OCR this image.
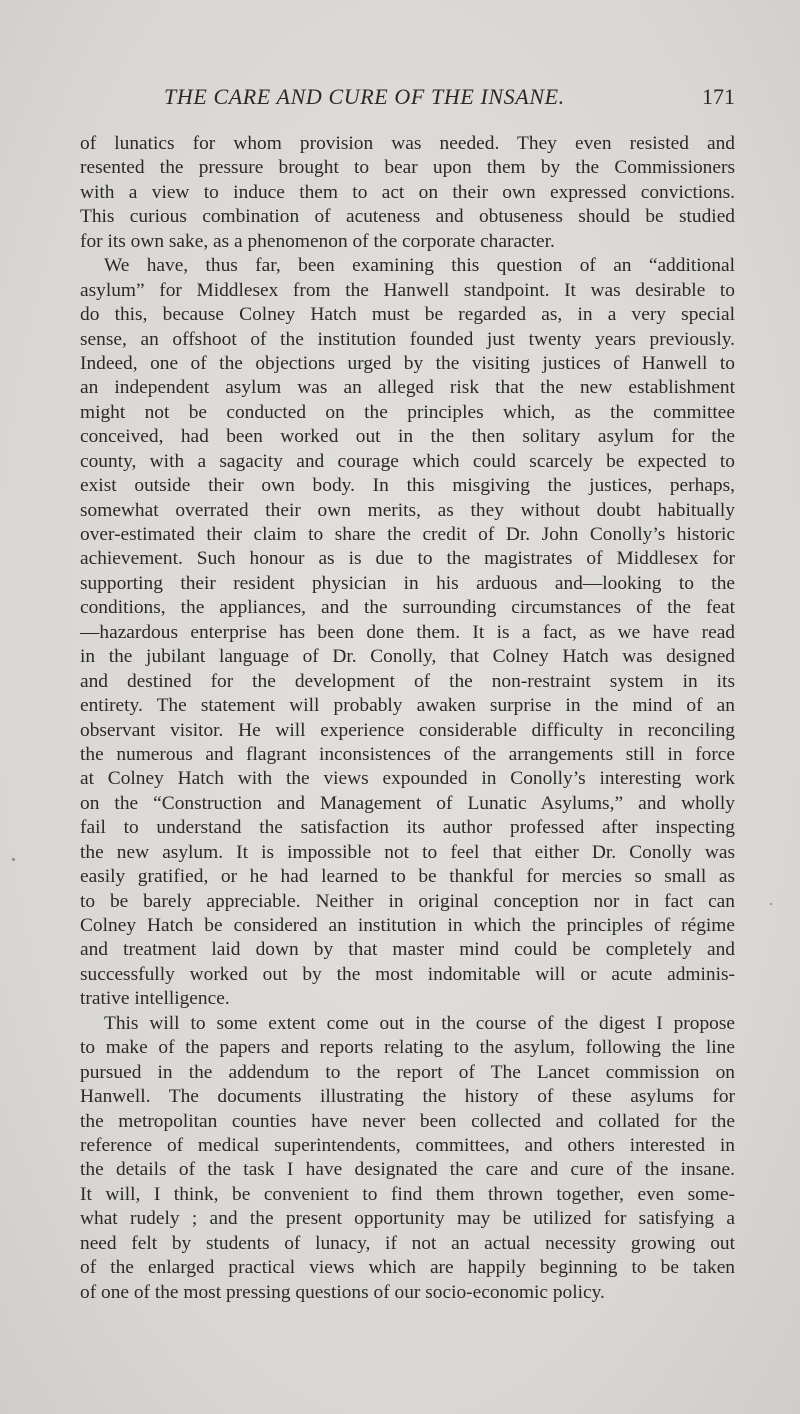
THE CARE AND CURE OF THE INSANE.	171
of lunatics for whom provision was needed. They even resisted and
resented the pressure brought to bear upon them by the Commissioners
with a view to induce them to act on their own expressed convictions.
This curious combination of acuteness and obtuseness should be studied
for its own sake, as a phenomenon of the corporate character.
We have, thus far, been examining this question of an “additional
asylum” for Middlesex from the Hanwell standpoint. It was desirable to
do this, because Colney Hatch must be regarded as, in a very special
sense, an offshoot of the institution founded just twenty years previously.
Indeed, one of the objections urged by the visiting justices of Hanwell to
an independent asylum was an alleged risk that the new establishment
might not be conducted on the principles which, as the committee
conceived, had been worked out in the then solitary asylum for the
county, with a sagacity and courage which could scarcely be expected to
exist outside their own body. In this misgiving the justices, perhaps,
somewhat overrated their own merits, as they without doubt habitually
over-estimated their claim to share the credit of Dr. John Conolly’s historic
achievement. Such honour as is due to the magistrates of Middlesex for
supporting their resident physician in his arduous and—looking to the
conditions, the appliances, and the surrounding circumstances of the feat
—hazardous enterprise has been done them. It is a fact, as we have read
in the jubilant language of Dr. Conolly, that Colney Hatch was designed
and destined for the development of the non-restraint system in its
entirety. The statement will probably awaken surprise in the mind of an
observant visitor. He will experience considerable difficulty in reconciling
the numerous and flagrant inconsistences of the arrangements still in force
at Colney Hatch with the views expounded in Conolly’s interesting work
on the “Construction and Management of Lunatic Asylums,” and wholly
fail to understand the satisfaction its author professed after inspecting
the new asylum. It is impossible not to feel that either Dr. Conolly was
easily gratified, or he had learned to be thankful for mercies so small as
to be barely appreciable. Neither in original conception nor in fact can
Colney Hatch be considered an institution in which the principles of régime
and treatment laid down by that master mind could be completely and
successfully worked out by the most indomitable will or acute adminis-
trative intelligence.
This will to some extent come out in the course of the digest I propose
to make of the papers and reports relating to the asylum, following the line
pursued in the addendum to the report of The Lancet commission on
Hanwell. The documents illustrating the history of these asylums for
the metropolitan counties have never been collected and collated for the
reference of medical superintendents, committees, and others interested in
the details of the task I have designated the care and cure of the insane.
It will, I think, be convenient to find them thrown together, even some-
what rudely ; and the present opportunity may be utilized for satisfying a
need felt by students of lunacy, if not an actual necessity growing out
of the enlarged practical views which are happily beginning to be taken
of one of the most pressing questions of our socio-economic policy.
